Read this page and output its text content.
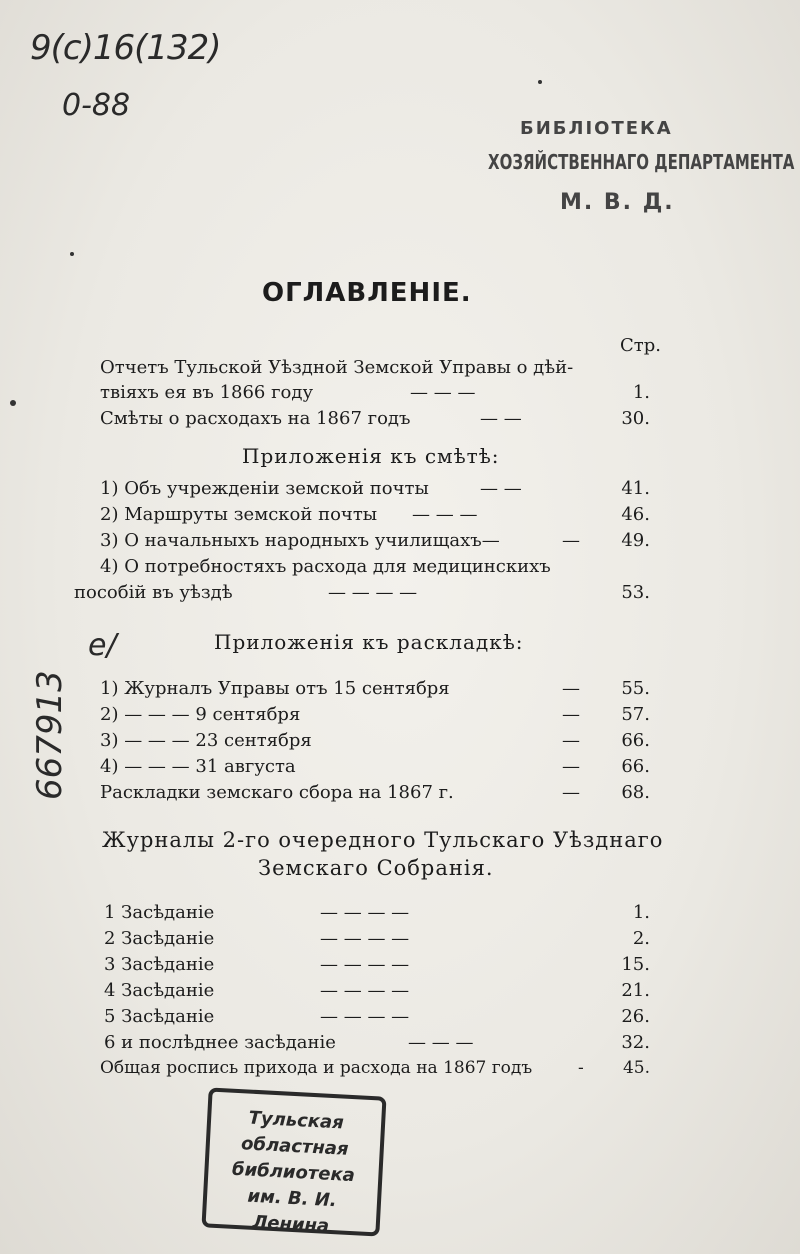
9(c)16(132)
0-88
667913
e/
БИБЛІОТЕКА
ХОЗЯЙСТВЕННАГО ДЕПАРТАМЕНТА
М. В. Д.
ОГЛАВЛЕНІЕ.
Стр.
Отчетъ Тульской Уѣздной Земской Управы о дѣй-
твіяхъ ея въ 1866 году	— — —	1.
Смѣты о расходахъ на 1867 годъ	— —	30.
Приложенія къ смѣтѣ:
1) Объ учрежденіи земской почты	— —	41.
2) Маршруты земской почты — — —	46.
3) О начальныхъ народныхъ училищахъ—	— 49.
4) О потребностяхъ расхода для медицинскихъ
пособій въ уѣздѣ	— — — —	53.
Приложенія къ раскладкѣ:
1) Журналъ Управы отъ 15 сентября	— 55.
2) — — — 9 сентября	— 57.
3) — — — 23 сентября	— 66.
4) — — — 31 августа	— 66.
Раскладки земскаго сбора на 1867 г.	— 68.
Журналы 2-го очередного Тульскаго Уѣзднаго
Земскаго Собранія.
1 Засѣданіе	— — — —	1.
2 Засѣданіе	— — — —	2.
3 Засѣданіе	— — — —	15.
4 Засѣданіе	— — — —	21.
5 Засѣданіе	— — — —	26.
6 и послѣднее засѣданіе	— — —	32.
Общая роспись прихода и расхода на 1867 годъ	- 45.
Тульская
областная
библиотека
им. В. И. Ленина
